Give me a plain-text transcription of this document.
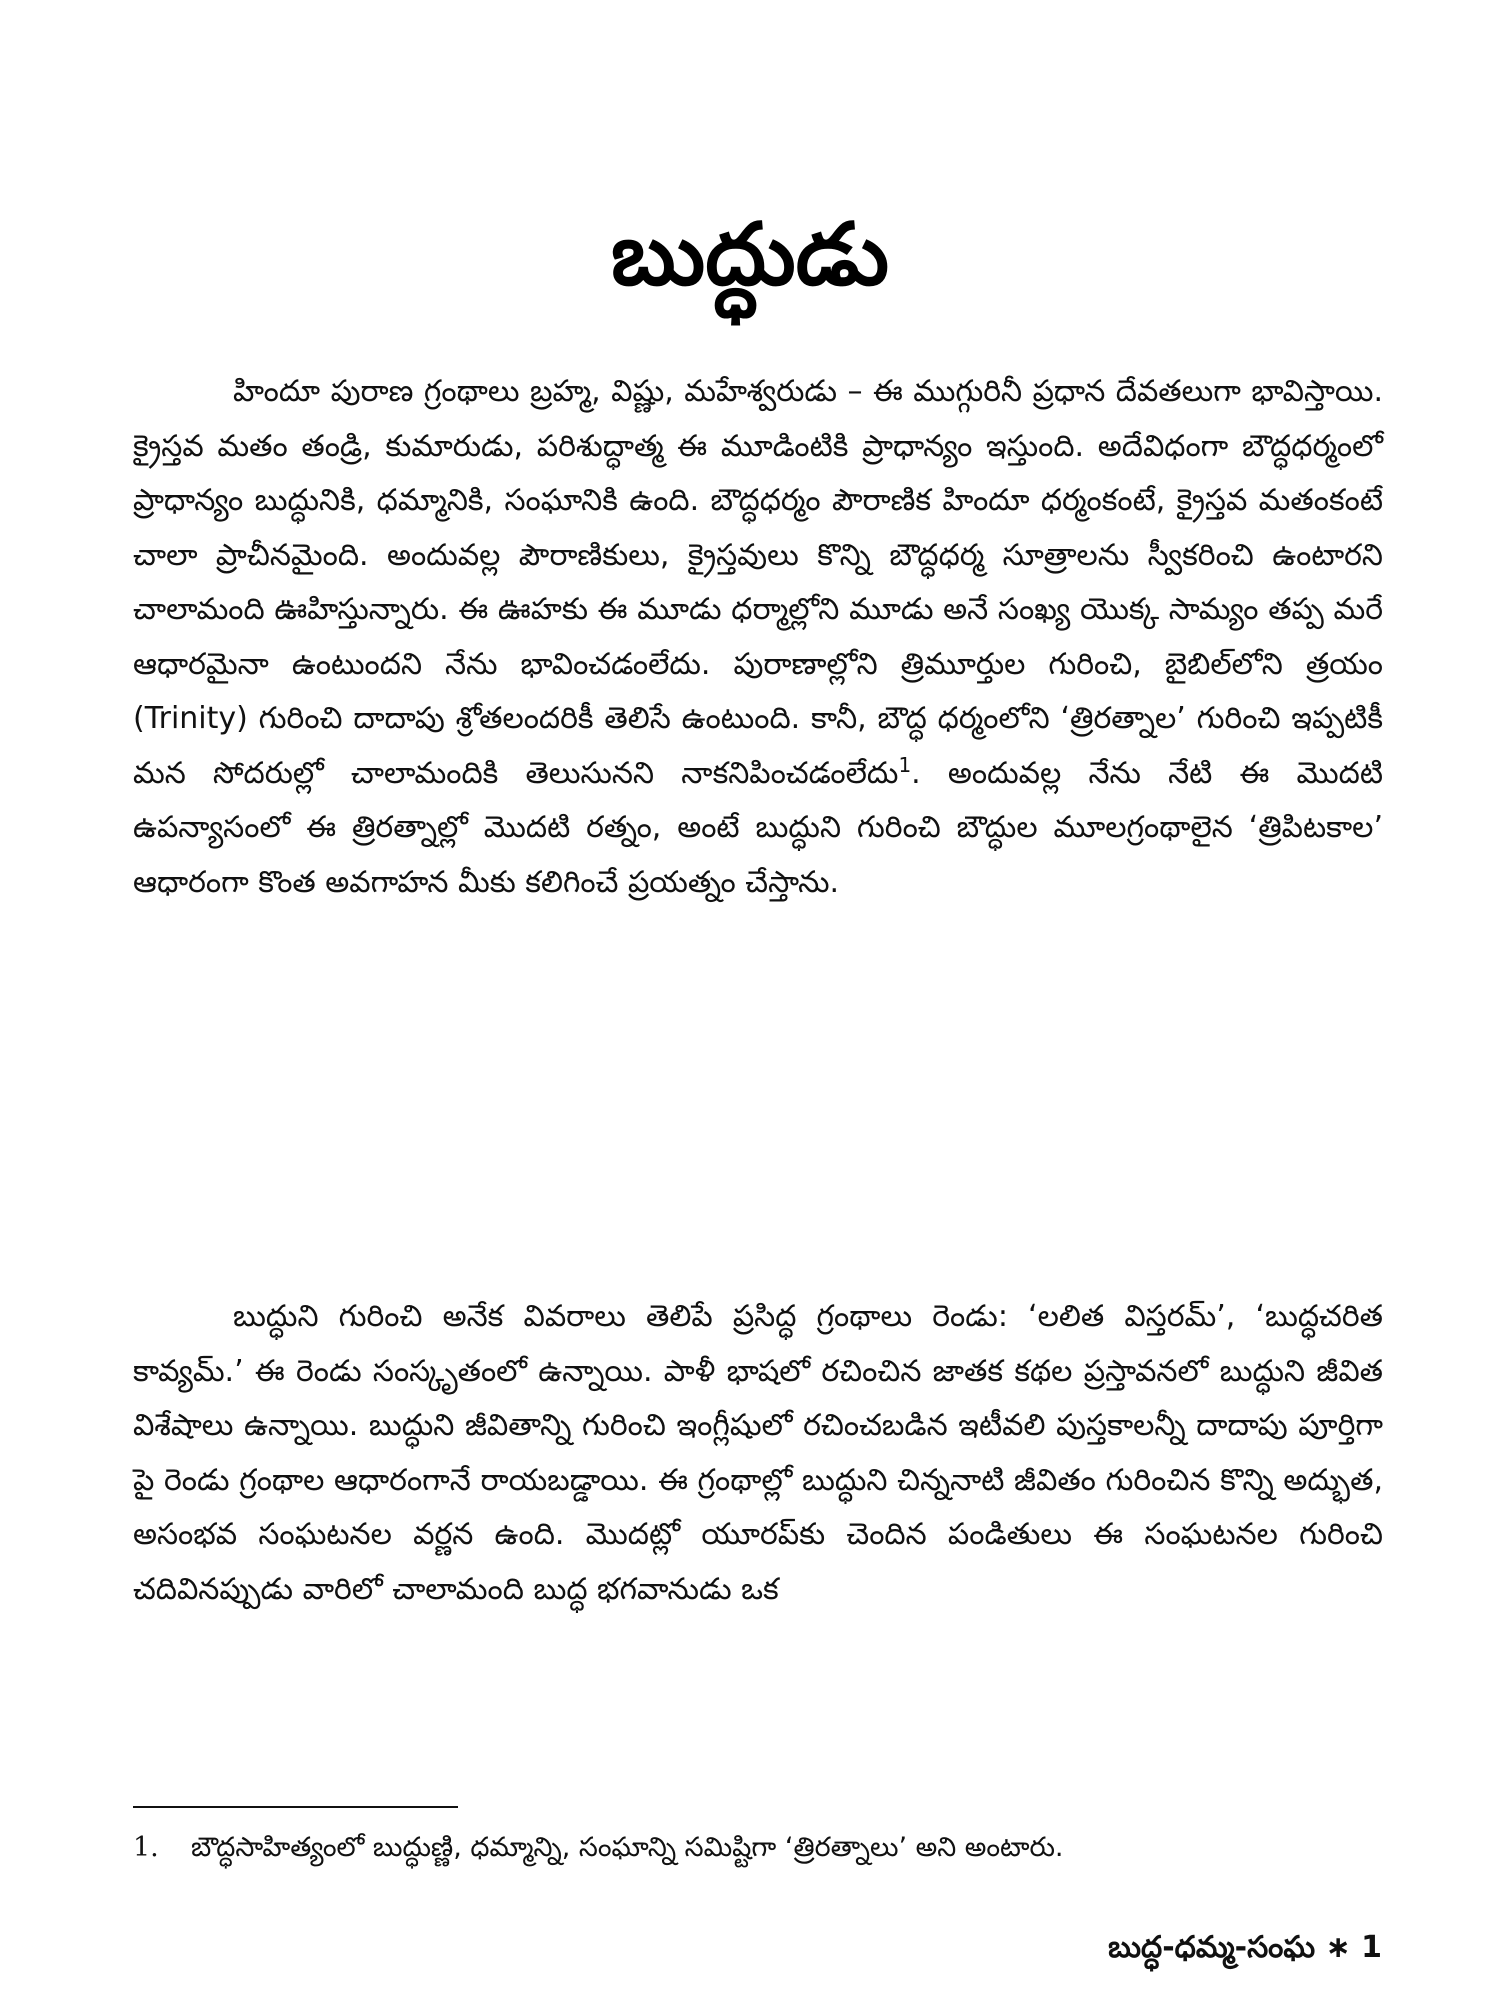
బుద్ధుడు

హిందూ పురాణ గ్రంథాలు బ్రహ్మ, విష్ణు, మహేశ్వరుడు – ఈ ముగ్గురినీ ప్రధాన దేవతలుగా భావిస్తాయి. క్రైస్తవ మతం తండ్రి, కుమారుడు, పరిశుద్ధాత్మ ఈ మూడింటికి ప్రాధాన్యం ఇస్తుంది. అదేవిధంగా బౌద్ధధర్మంలో ప్రాధాన్యం బుద్ధునికి, ధమ్మానికి, సంఘానికి ఉంది. బౌద్ధధర్మం పౌరాణిక హిందూ ధర్మంకంటే, క్రైస్తవ మతంకంటే చాలా ప్రాచీనమైంది. అందువల్ల పౌరాణికులు, క్రైస్తవులు కొన్ని బౌద్ధధర్మ సూత్రాలను స్వీకరించి ఉంటారని చాలామంది ఊహిస్తున్నారు. ఈ ఊహకు ఈ మూడు ధర్మాల్లోని మూడు అనే సంఖ్య యొక్క సామ్యం తప్ప మరే ఆధారమైనా ఉంటుందని నేను భావించడంలేదు. పురాణాల్లోని త్రిమూర్తుల గురించి, బైబిల్‌లోని త్రయం (Trinity) గురించి దాదాపు శ్రోతలందరికీ తెలిసే ఉంటుంది. కానీ, బౌద్ధ ధర్మంలోని ‘త్రిరత్నాల’ గురించి ఇప్పటికీ మన సోదరుల్లో చాలామందికి తెలుసునని నాకనిపించడంలేదు$^1$. అందువల్ల నేను నేటి ఈ మొదటి ఉపన్యాసంలో ఈ త్రిరత్నాల్లో మొదటి రత్నం, అంటే బుద్ధుని గురించి బౌద్ధుల మూలగ్రంథాలైన ‘త్రిపిటకాల’ ఆధారంగా కొంత అవగాహన మీకు కలిగించే ప్రయత్నం చేస్తాను.

బుద్ధుని గురించి అనేక వివరాలు తెలిపే ప్రసిద్ధ గ్రంథాలు రెండు: ‘లలిత విస్తరమ్’, ‘బుద్ధచరిత కావ్యమ్.’ ఈ రెండు సంస్కృతంలో ఉన్నాయి. పాళీ భాషలో రచించిన జాతక కథల ప్రస్తావనలో బుద్ధుని జీవిత విశేషాలు ఉన్నాయి. బుద్ధుని జీవితాన్ని గురించి ఇంగ్లీషులో రచించబడిన ఇటీవలి పుస్తకాలన్నీ దాదాపు పూర్తిగా పై రెండు గ్రంథాల ఆధారంగానే రాయబడ్డాయి. ఈ గ్రంథాల్లో బుద్ధుని చిన్ననాటి జీవితం గురించిన కొన్ని అద్భుత, అసంభవ సంఘటనల వర్ణన ఉంది. మొదట్లో యూరప్‌కు చెందిన పండితులు ఈ సంఘటనల గురించి చదివినప్పుడు వారిలో చాలామంది బుద్ధ భగవానుడు ఒక

1. బౌద్ధసాహిత్యంలో బుద్ధుణ్ణి, ధమ్మాన్ని, సంఘాన్ని సమిష్టిగా ‘త్రిరత్నాలు’ అని అంటారు.
బుద్ధ-ధమ్మ-సంఘ ∗ 1
